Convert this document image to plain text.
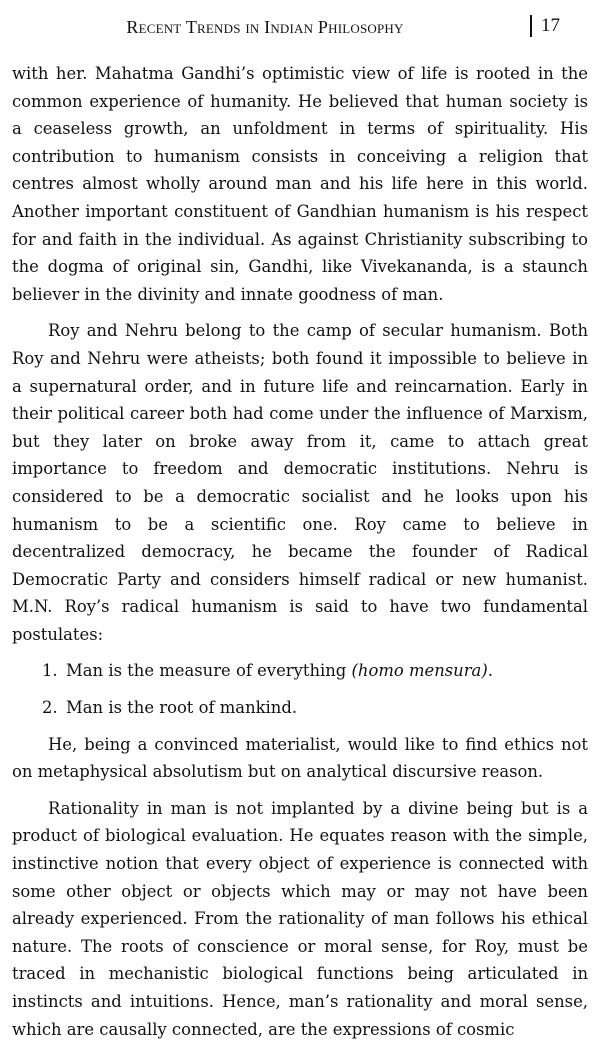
Recent Trends in Indian Philosophy	17

with her. Mahatma Gandhi’s optimistic view of life is rooted in the common experience of humanity. He believed that human society is a ceaseless growth, an unfoldment in terms of spirituality. His contribution to humanism consists in conceiving a religion that centres almost wholly around man and his life here in this world. Another important constituent of Gandhian humanism is his respect for and faith in the individual. As against Christianity subscribing to the dogma of original sin, Gandhi, like Vivekananda, is a staunch believer in the divinity and innate goodness of man.

Roy and Nehru belong to the camp of secular humanism. Both Roy and Nehru were atheists; both found it impossible to believe in a supernatural order, and in future life and reincarnation. Early in their political career both had come under the influence of Marxism, but they later on broke away from it, came to attach great importance to freedom and democratic institutions. Nehru is considered to be a democratic socialist and he looks upon his humanism to be a scientific one. Roy came to believe in decentralized democracy, he became the founder of Radical Democratic Party and considers himself radical or new humanist. M.N. Roy’s radical humanism is said to have two fundamental postulates:

1. Man is the measure of everything (homo mensura).
2. Man is the root of mankind.

He, being a convinced materialist, would like to find ethics not on metaphysical absolutism but on analytical discursive reason.

Rationality in man is not implanted by a divine being but is a product of biological evaluation. He equates reason with the simple, instinctive notion that every object of experience is connected with some other object or objects which may or may not have been already experienced. From the rationality of man follows his ethical nature. The roots of conscience or moral sense, for Roy, must be traced in mechanistic biological functions being articulated in instincts and intuitions. Hence, man’s rationality and moral sense, which are causally connected, are the expressions of cosmic
